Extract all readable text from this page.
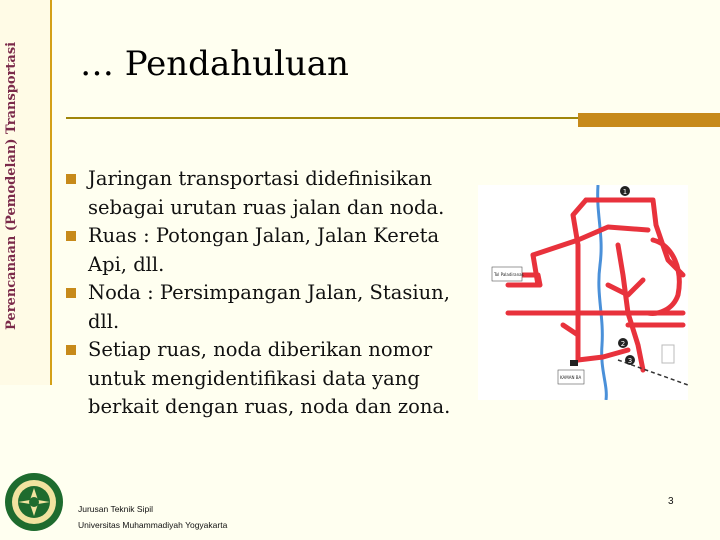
Perencanaan (Pemodelan) Transportasi … Pendahuluan
Jaringan transportasi didefinisikan sebagai urutan ruas jalan dan noda.
Ruas : Potongan Jalan, Jalan Kereta Api, dll.
Noda : Persimpangan Jalan, Stasiun, dll.
Setiap ruas, noda diberikan nomor untuk mengidentifikasi data yang berkait dengan ruas, noda dan zona.
1
2
3
Tol Paladiranas
KAMAN BA
Jurusan Teknik Sipil
Universitas Muhammadiyah Yogyakarta
3
